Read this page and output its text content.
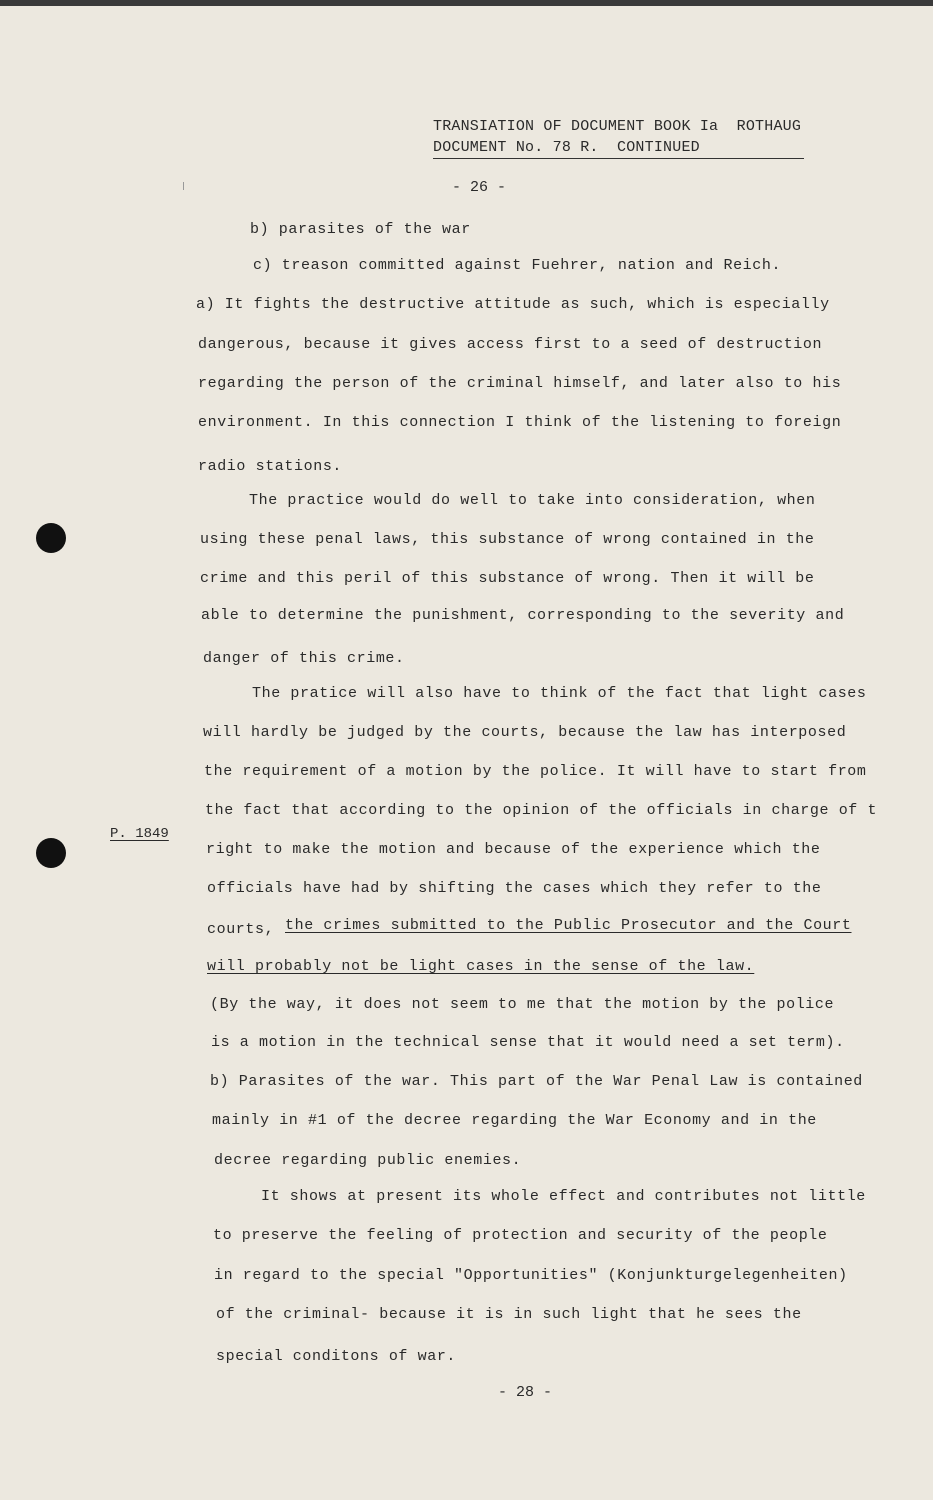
TRANSIATION OF DOCUMENT BOOK Ia  ROTHAUG
DOCUMENT No. 78 R.  CONTINUED
- 26 -
P. 1849
b) parasites of the war
c) treason committed against Fuehrer, nation and Reich.
a) It fights the destructive attitude as such, which is especially
dangerous, because it gives access first to a seed of destruction
regarding the person of the criminal himself, and later also to his
environment. In this connection I think of the listening to foreign
radio stations.
The practice would do well to take into consideration, when
using these penal laws, this substance of wrong contained in the
crime and this peril of this substance of wrong. Then it will be
able to determine the punishment, corresponding to the severity and
danger of this crime.
The pratice will also have to think of the fact that light cases
will hardly be judged by the courts, because the law has interposed
the requirement of a motion by the police. It will have to start from
the fact that according to the opinion of the officials in charge of t
right to make the motion and because of the experience which the
officials have had by shifting the cases which they refer to the
courts, the crimes submitted to the Public Prosecutor and the Court
will probably not be light cases in the sense of the law.
(By the way, it does not seem to me that the motion by the police
is a motion in the technical sense that it would need a set term).
b) Parasites of the war. This part of the War Penal Law is contained
mainly in #1 of the decree regarding the War Economy and in the
decree regarding public enemies.
It shows at present its whole effect and contributes not little
to preserve the feeling of protection and security of the people
in regard to the special "Opportunities" (Konjunkturgelegenheiten)
of the criminal- because it is in such light that he sees the
special conditons of war.
- 28 -
